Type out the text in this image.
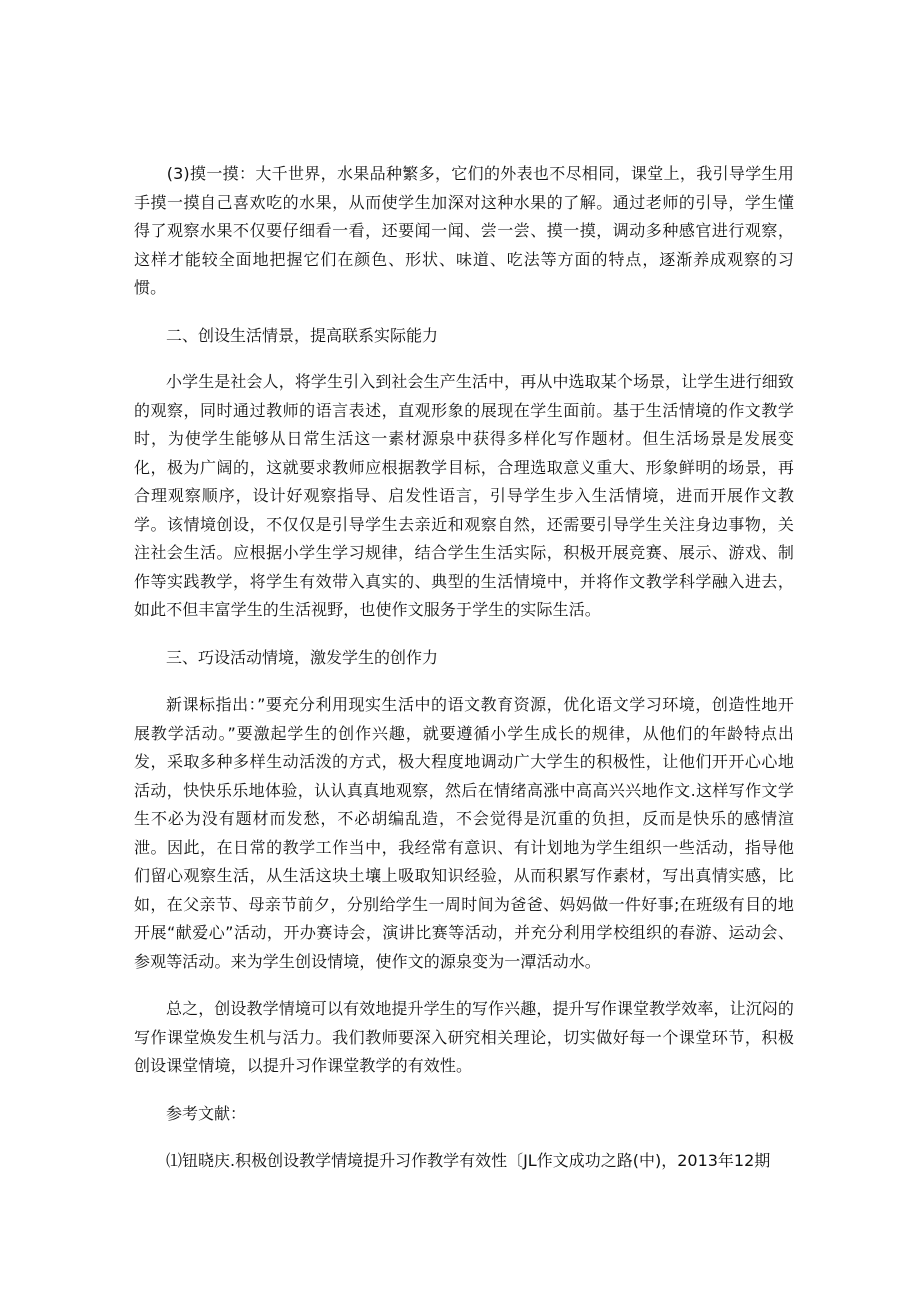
(3)摸一摸：大千世界，水果品种繁多，它们的外表也不尽相同，课堂上，我引导学生用手摸一摸自己喜欢吃的水果，从而使学生加深对这种水果的了解。通过老师的引导，学生懂得了观察水果不仅要仔细看一看，还要闻一闻、尝一尝、摸一摸，调动多种感官进行观察，这样才能较全面地把握它们在颜色、形状、味道、吃法等方面的特点，逐渐养成观察的习惯。

二、创设生活情景，提高联系实际能力

小学生是社会人，将学生引入到社会生产生活中，再从中选取某个场景，让学生进行细致的观察，同时通过教师的语言表述，直观形象的展现在学生面前。基于生活情境的作文教学时，为使学生能够从日常生活这一素材源泉中获得多样化写作题材。但生活场景是发展变化，极为广阔的，这就要求教师应根据教学目标，合理选取意义重大、形象鲜明的场景，再合理观察顺序，设计好观察指导、启发性语言，引导学生步入生活情境，进而开展作文教学。该情境创设，不仅仅是引导学生去亲近和观察自然，还需要引导学生关注身边事物，关注社会生活。应根据小学生学习规律，结合学生生活实际，积极开展竞赛、展示、游戏、制作等实践教学，将学生有效带入真实的、典型的生活情境中，并将作文教学科学融入进去，如此不但丰富学生的生活视野，也使作文服务于学生的实际生活。

三、巧设活动情境，激发学生的创作力

新课标指出：”要充分利用现实生活中的语文教育资源，优化语文学习环境，创造性地开展教学活动。”要激起学生的创作兴趣，就要遵循小学生成长的规律，从他们的年龄特点出发，采取多种多样生动活泼的方式，极大程度地调动广大学生的积极性，让他们开开心心地活动，快快乐乐地体验，认认真真地观察，然后在情绪高涨中高高兴兴地作文.这样写作文学生不必为没有题材而发愁，不必胡编乱造，不会觉得是沉重的负担，反而是快乐的感情渲泄。因此，在日常的教学工作当中，我经常有意识、有计划地为学生组织一些活动，指导他们留心观察生活，从生活这块土壤上吸取知识经验，从而积累写作素材，写出真情实感，比如，在父亲节、母亲节前夕，分别给学生一周时间为爸爸、妈妈做一件好事;在班级有目的地开展“献爱心”活动，开办赛诗会，演讲比赛等活动，并充分利用学校组织的春游、运动会、参观等活动。来为学生创设情境，使作文的源泉变为一潭活动水。

总之，创设教学情境可以有效地提升学生的写作兴趣，提升写作课堂教学效率，让沉闷的写作课堂焕发生机与活力。我们教师要深入研究相关理论，切实做好每一个课堂环节，积极创设课堂情境，以提升习作课堂教学的有效性。

参考文献：

⑴钮晓庆.积极创设教学情境提升习作教学有效性〔JL作文成功之路(中)，2013年12期
